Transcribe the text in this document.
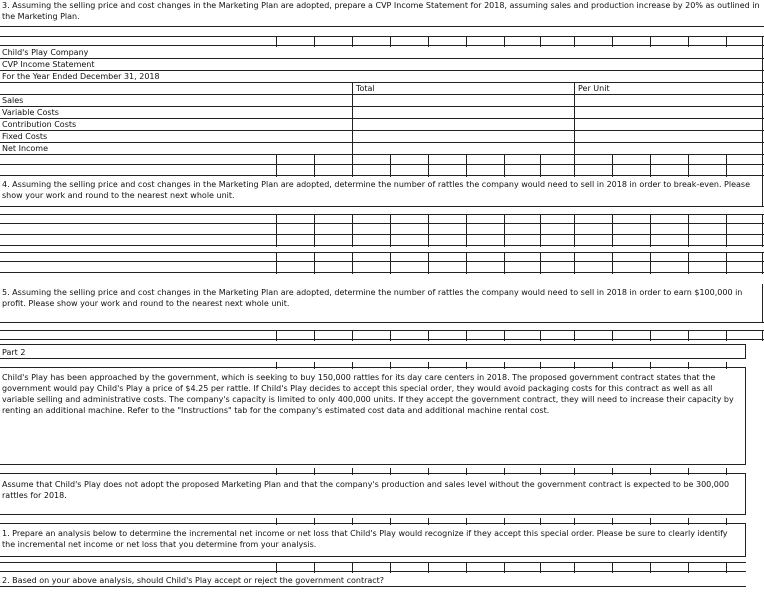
3. Assuming the selling price and cost changes in the Marketing Plan are adopted, prepare a CVP Income Statement for 2018, assuming sales and production increase by 20% as outlined in the Marketing Plan.
Child's Play Company
CVP Income Statement
For the Year Ended December 31, 2018
Total	Per Unit
Sales
Variable Costs
Contribution Costs
Fixed Costs
Net Income
4. Assuming the selling price and cost changes in the Marketing Plan are adopted, determine the number of rattles the company would need to sell in 2018 in order to break-even. Please show your work and round to the nearest next whole unit.
5. Assuming the selling price and cost changes in the Marketing Plan are adopted, determine the number of rattles the company would need to sell in 2018 in order to earn $100,000 in profit. Please show your work and round to the nearest next whole unit.
Part 2
Child's Play has been approached by the government, which is seeking to buy 150,000 rattles for its day care centers in 2018. The proposed government contract states that the government would pay Child's Play a price of $4.25 per rattle. If Child's Play decides to accept this special order, they would avoid packaging costs for this contract as well as all variable selling and administrative costs. The company's capacity is limited to only 400,000 units. If they accept the government contract, they will need to increase their capacity by renting an additional machine. Refer to the "Instructions" tab for the company's estimated cost data and additional machine rental cost.
Assume that Child's Play does not adopt the proposed Marketing Plan and that the company's production and sales level without the government contract is expected to be 300,000 rattles for 2018.
1. Prepare an analysis below to determine the incremental net income or net loss that Child's Play would recognize if they accept this special order. Please be sure to clearly identify the incremental net income or net loss that you determine from your analysis.
2. Based on your above analysis, should Child's Play accept or reject the government contract?
